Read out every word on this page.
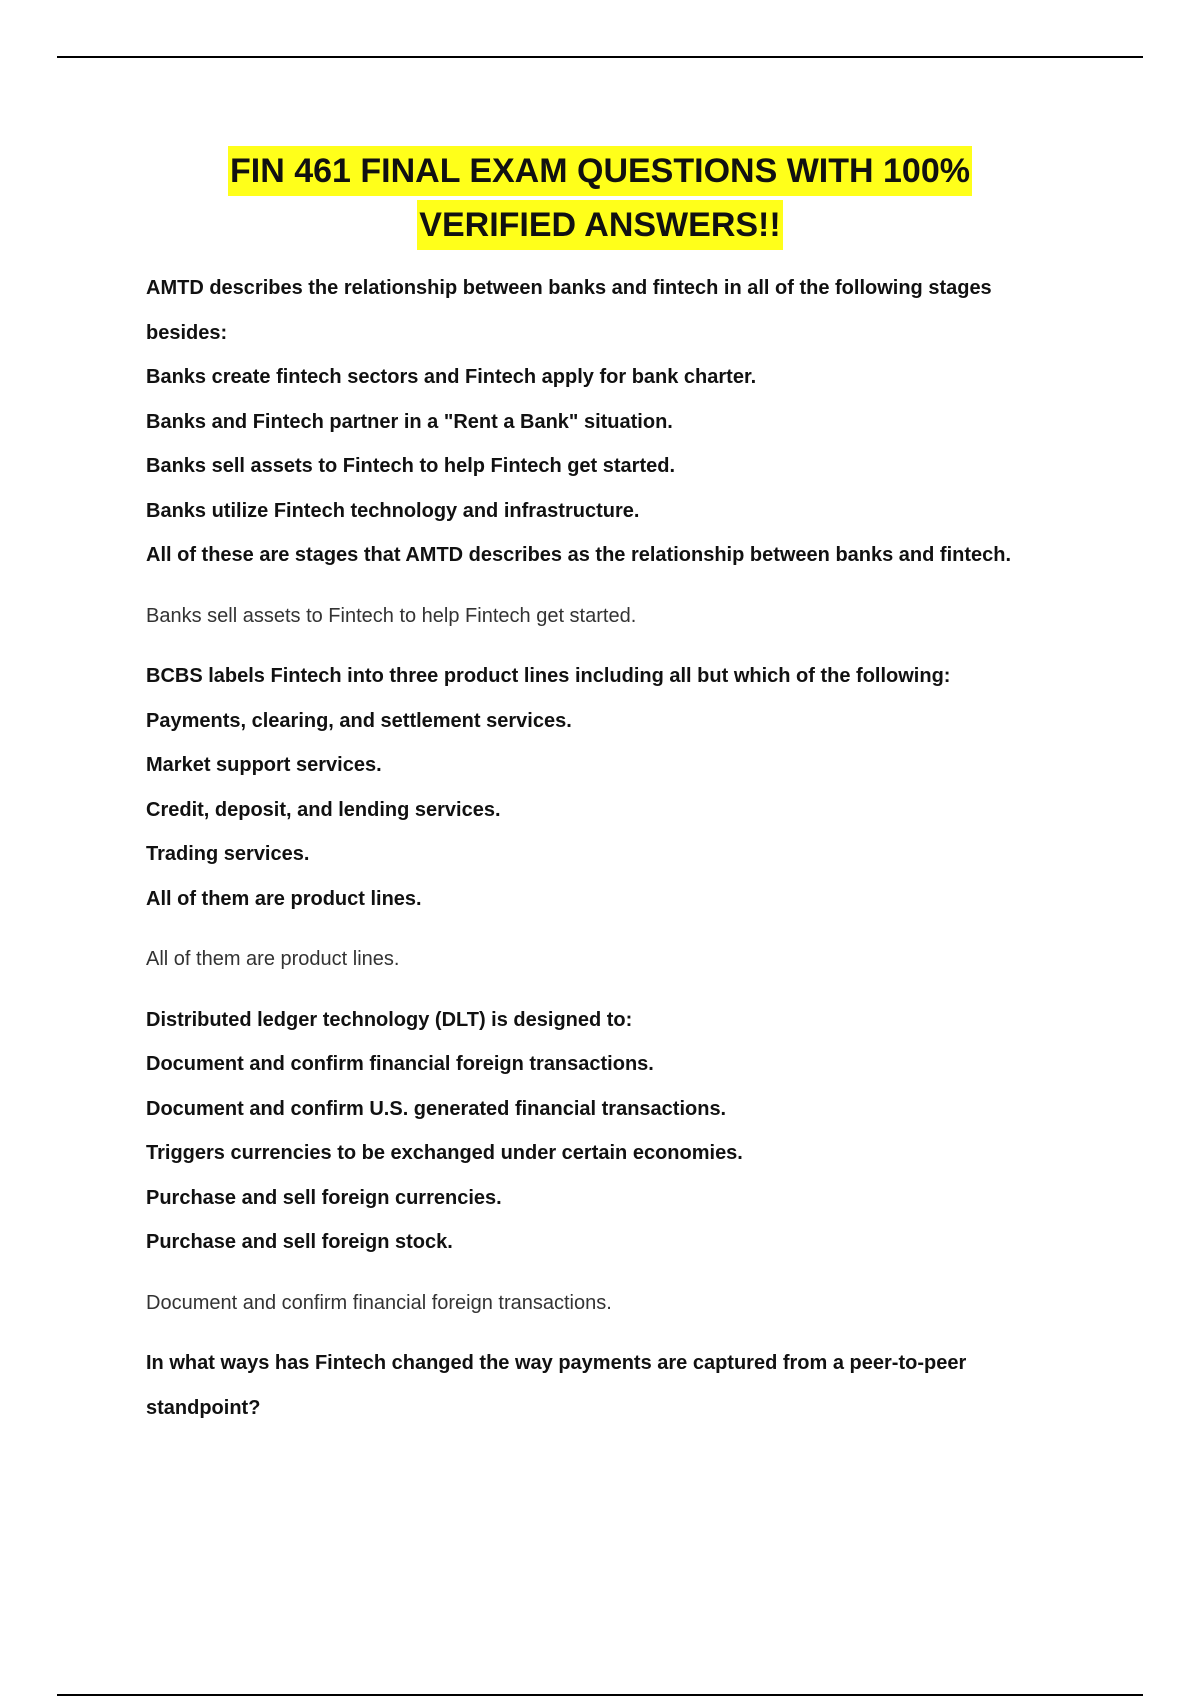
FIN 461 FINAL EXAM QUESTIONS WITH 100%
VERIFIED ANSWERS!!

AMTD describes the relationship between banks and fintech in all of the following stages

besides:

Banks create fintech sectors and Fintech apply for bank charter.

Banks and Fintech partner in a "Rent a Bank" situation.

Banks sell assets to Fintech to help Fintech get started.

Banks utilize Fintech technology and infrastructure.

All of these are stages that AMTD describes as the relationship between banks and fintech.

Banks sell assets to Fintech to help Fintech get started.

BCBS labels Fintech into three product lines including all but which of the following:

Payments, clearing, and settlement services.

Market support services.

Credit, deposit, and lending services.

Trading services.

All of them are product lines.

All of them are product lines.

Distributed ledger technology (DLT) is designed to:

Document and confirm financial foreign transactions.

Document and confirm U.S. generated financial transactions.

Triggers currencies to be exchanged under certain economies.

Purchase and sell foreign currencies.

Purchase and sell foreign stock.

Document and confirm financial foreign transactions.

In what ways has Fintech changed the way payments are captured from a peer-to-peer

standpoint?
